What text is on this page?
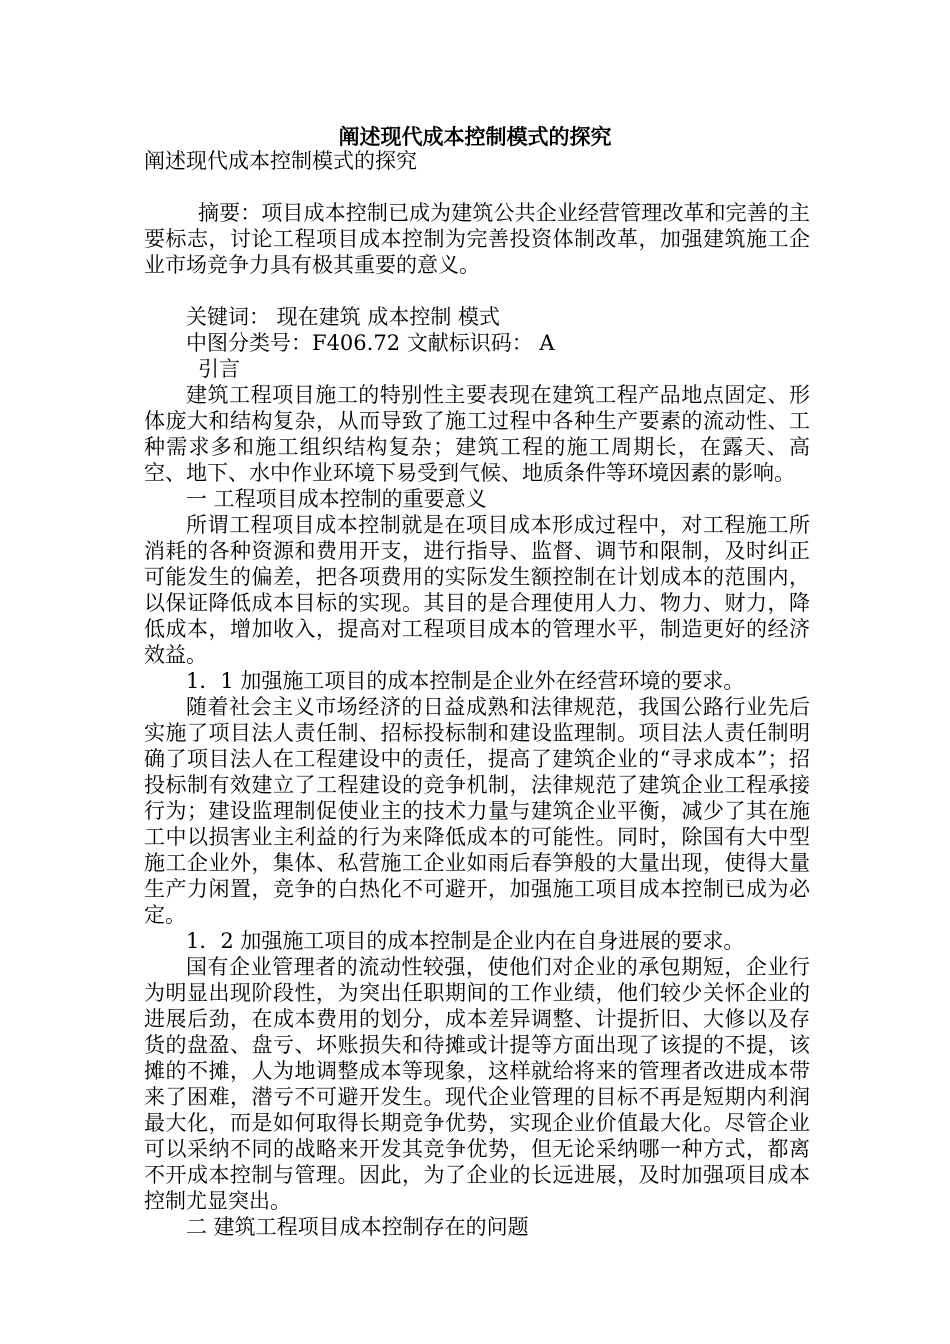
阐述现代成本控制模式的探究

阐述现代成本控制模式的探究

摘要：项目成本控制已成为建筑公共企业经营管理改革和完善的主要标志，讨论工程项目成本控制为完善投资体制改革，加强建筑施工企业市场竞争力具有极其重要的意义。

关键词： 现在建筑 成本控制 模式

中图分类号：F406.72 文献标识码： A

引言

建筑工程项目施工的特别性主要表现在建筑工程产品地点固定、形体庞大和结构复杂，从而导致了施工过程中各种生产要素的流动性、工种需求多和施工组织结构复杂；建筑工程的施工周期长，在露天、高空、地下、水中作业环境下易受到气候、地质条件等环境因素的影响。

一 工程项目成本控制的重要意义

所谓工程项目成本控制就是在项目成本形成过程中，对工程施工所消耗的各种资源和费用开支，进行指导、监督、调节和限制，及时纠正可能发生的偏差，把各项费用的实际发生额控制在计划成本的范围内，以保证降低成本目标的实现。其目的是合理使用人力、物力、财力，降低成本，增加收入，提高对工程项目成本的管理水平，制造更好的经济效益。

1．1 加强施工项目的成本控制是企业外在经营环境的要求。

随着社会主义市场经济的日益成熟和法律规范，我国公路行业先后实施了项目法人责任制、招标投标制和建设监理制。项目法人责任制明确了项目法人在工程建设中的责任，提高了建筑企业的“寻求成本”；招投标制有效建立了工程建设的竞争机制，法律规范了建筑企业工程承接行为；建设监理制促使业主的技术力量与建筑企业平衡，减少了其在施工中以损害业主利益的行为来降低成本的可能性。同时，除国有大中型施工企业外，集体、私营施工企业如雨后春笋般的大量出现，使得大量生产力闲置，竞争的白热化不可避开，加强施工项目成本控制已成为必定。

1．2 加强施工项目的成本控制是企业内在自身进展的要求。

国有企业管理者的流动性较强，使他们对企业的承包期短，企业行为明显出现阶段性，为突出任职期间的工作业绩，他们较少关怀企业的进展后劲，在成本费用的划分，成本差异调整、计提折旧、大修以及存货的盘盈、盘亏、坏账损失和待摊或计提等方面出现了该提的不提，该摊的不摊，人为地调整成本等现象，这样就给将来的管理者改进成本带来了困难，潜亏不可避开发生。现代企业管理的目标不再是短期内利润最大化，而是如何取得长期竞争优势，实现企业价值最大化。尽管企业可以采纳不同的战略来开发其竞争优势，但无论采纳哪一种方式，都离不开成本控制与管理。因此，为了企业的长远进展，及时加强项目成本控制尤显突出。

二 建筑工程项目成本控制存在的问题
